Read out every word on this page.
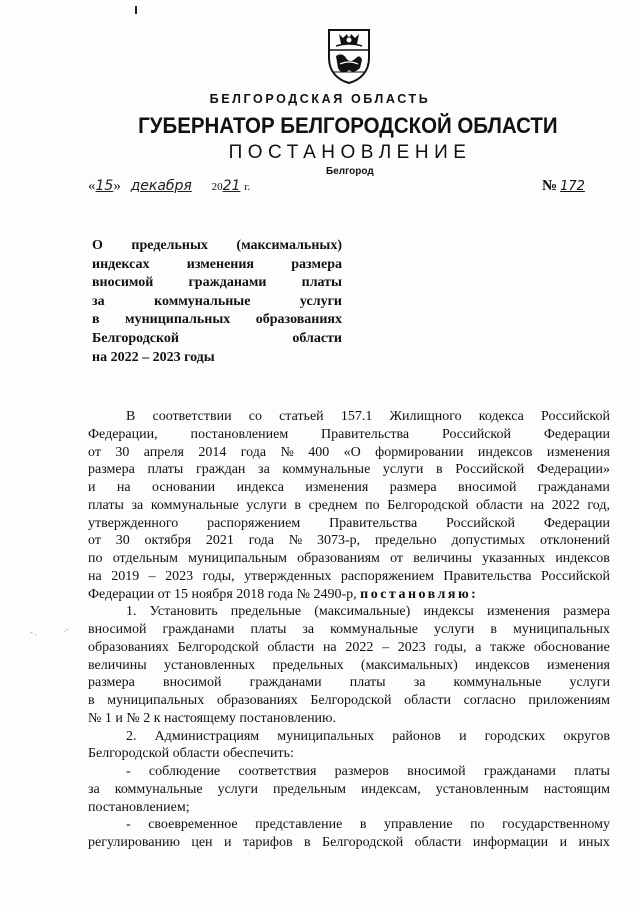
БЕЛГОРОДСКАЯ ОБЛАСТЬ
ГУБЕРНАТОР БЕЛГОРОДСКОЙ ОБЛАСТИ
ПОСТАНОВЛЕНИЕ
Белгород
«15» декабря 2021 г.	№ 172
О предельных (максимальных)
индексах изменения размера
вносимой гражданами платы
за коммунальные услуги
в муниципальных образованиях
Белгородской области
на 2022 – 2023 годы
- .	.-
В соответствии со статьей 157.1 Жилищного кодекса Российской
Федерации, постановлением Правительства Российской Федерации
от 30 апреля 2014 года № 400 «О формировании индексов изменения
размера платы граждан за коммунальные услуги в Российской Федерации»
и на основании индекса изменения размера вносимой гражданами
платы за коммунальные услуги в среднем по Белгородской области на 2022 год,
утвержденного распоряжением Правительства Российской Федерации
от 30 октября 2021 года № 3073-р, предельно допустимых отклонений
по отдельным муниципальным образованиям от величины указанных индексов
на 2019 – 2023 годы, утвержденных распоряжением Правительства Российской
Федерации от 15 ноября 2018 года № 2490-р, постановляю:
1. Установить предельные (максимальные) индексы изменения размера
вносимой гражданами платы за коммунальные услуги в муниципальных
образованиях Белгородской области на 2022 – 2023 годы, а также обоснование
величины установленных предельных (максимальных) индексов изменения
размера вносимой гражданами платы за коммунальные услуги
в муниципальных образованиях Белгородской области согласно приложениям
№ 1 и № 2 к настоящему постановлению.
2. Администрациям муниципальных районов и городских округов
Белгородской области обеспечить:
- соблюдение соответствия размеров вносимой гражданами платы
за коммунальные услуги предельным индексам, установленным настоящим
постановлением;
- своевременное представление в управление по государственному
регулированию цен и тарифов в Белгородской области информации и иных
